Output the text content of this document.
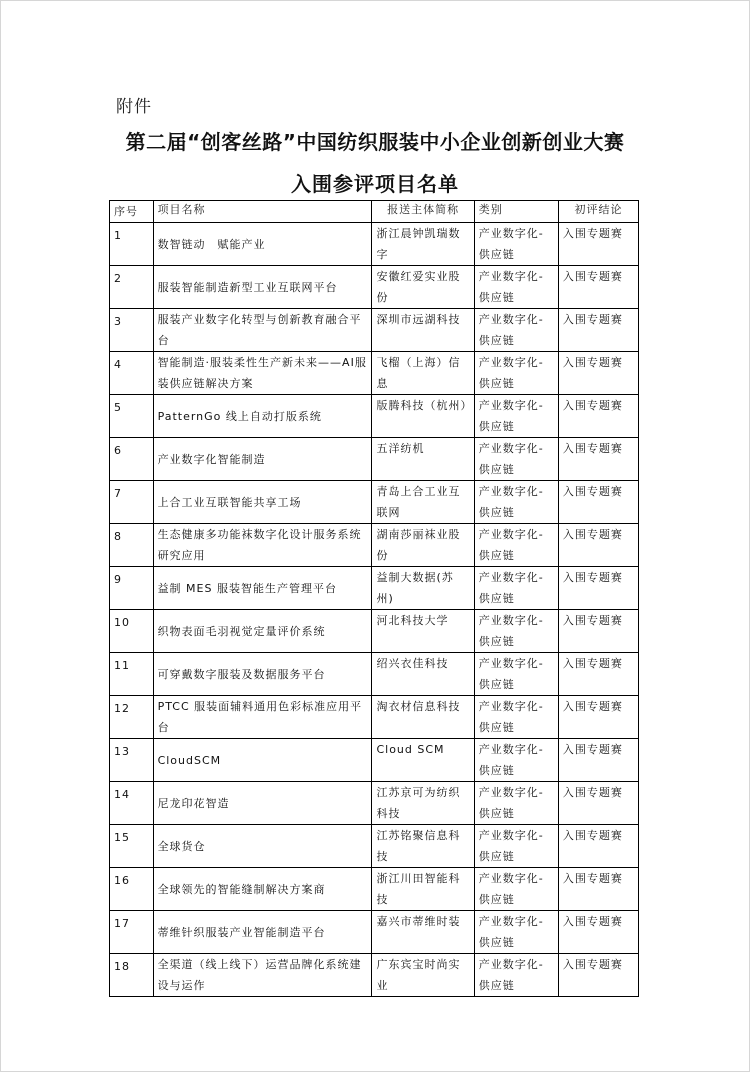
附件
第二届“创客丝路”中国纺织服装中小企业创新创业大赛
入围参评项目名单
序号	项目名称	报送主体简称	类别	初评结论
1	数智链动　赋能产业	浙江晨钟凯瑞数字	产业数字化-供应链	入围专题赛
2	服装智能制造新型工业互联网平台	安徽红爱实业股份	产业数字化-供应链	入围专题赛
3	服装产业数字化转型与创新教育融合平台	深圳市远湖科技	产业数字化-供应链	入围专题赛
4	智能制造·服装柔性生产新未来——AI服装供应链解决方案	飞榴（上海）信息	产业数字化-供应链	入围专题赛
5	PatternGo 线上自动打版系统	版腾科技（杭州）	产业数字化-供应链	入围专题赛
6	产业数字化智能制造	五洋纺机	产业数字化-供应链	入围专题赛
7	上合工业互联智能共享工场	青岛上合工业互联网	产业数字化-供应链	入围专题赛
8	生态健康多功能袜数字化设计服务系统研究应用	湖南莎丽袜业股份	产业数字化-供应链	入围专题赛
9	益制 MES 服装智能生产管理平台	益制大数据(苏州)	产业数字化-供应链	入围专题赛
10	织物表面毛羽视觉定量评价系统	河北科技大学	产业数字化-供应链	入围专题赛
11	可穿戴数字服装及数据服务平台	绍兴衣佳科技	产业数字化-供应链	入围专题赛
12	PTCC 服装面辅料通用色彩标准应用平台	淘衣材信息科技	产业数字化-供应链	入围专题赛
13	CloudSCM	Cloud SCM	产业数字化-供应链	入围专题赛
14	尼龙印花智造	江苏京可为纺织科技	产业数字化-供应链	入围专题赛
15	全球货仓	江苏铭聚信息科技	产业数字化-供应链	入围专题赛
16	全球领先的智能缝制解决方案商	浙江川田智能科技	产业数字化-供应链	入围专题赛
17	蒂维针织服装产业智能制造平台	嘉兴市蒂维时装	产业数字化-供应链	入围专题赛
18	全渠道（线上线下）运营品牌化系统建设与运作	广东宾宝时尚实业	产业数字化-供应链	入围专题赛
